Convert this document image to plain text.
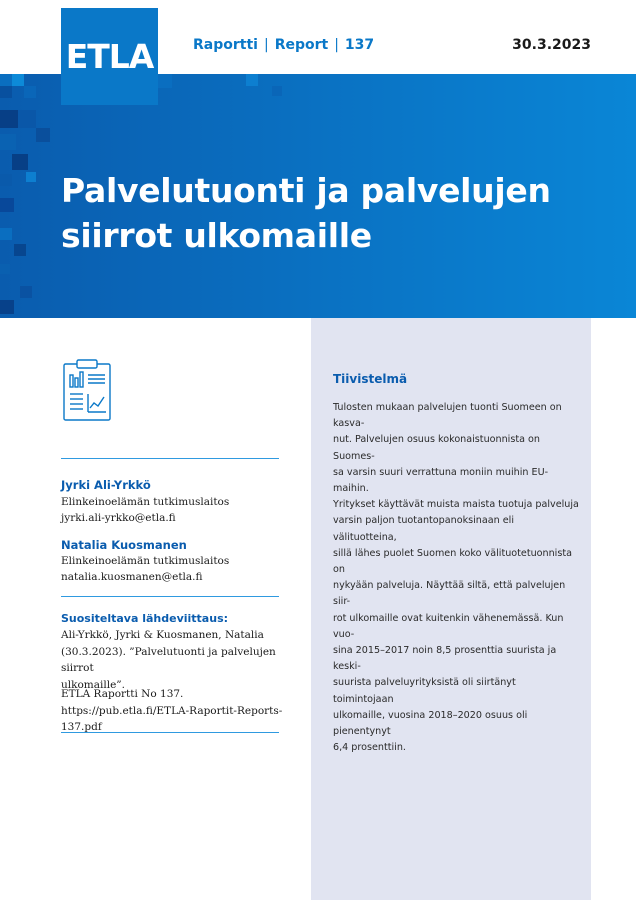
ETLA	Raportti | Report | 137	30.3.2023
Palvelutuonti ja palvelujen
siirrot ulkomaille
Jyrki Ali-Yrkkö
Elinkeinoelämän tutkimuslaitos
jyrki.ali-yrkko@etla.fi
Natalia Kuosmanen
Elinkeinoelämän tutkimuslaitos
natalia.kuosmanen@etla.fi
Suositeltava lähdeviittaus:

Ali-Yrkkö, Jyrki & Kuosmanen, Natalia
(30.3.2023). ”Palvelutuonti ja palvelujen siirrot
ulkomaille”.

ETLA Raportti No 137.
https://pub.etla.fi/ETLA-Raportit-Reports-137.pdf

Tiivistelmä

Tulosten mukaan palvelujen tuonti Suomeen on kasva-
nut. Palvelujen osuus kokonaistuonnista on Suomes-
sa varsin suuri verrattuna moniin muihin EU-maihin.
Yritykset käyttävät muista maista tuotuja palveluja
varsin paljon tuotantopanoksinaan eli välituotteina,
sillä lähes puolet Suomen koko välituotetuonnista on
nykyään palveluja. Näyttää siltä, että palvelujen siir-
rot ulkomaille ovat kuitenkin vähenemässä. Kun vuo-
sina 2015–2017 noin 8,5 prosenttia suurista ja keski-
suurista palveluyrityksistä oli siirtänyt toimintojaan
ulkomaille, vuosina 2018–2020 osuus oli pienentynyt
6,4 prosenttiin.
